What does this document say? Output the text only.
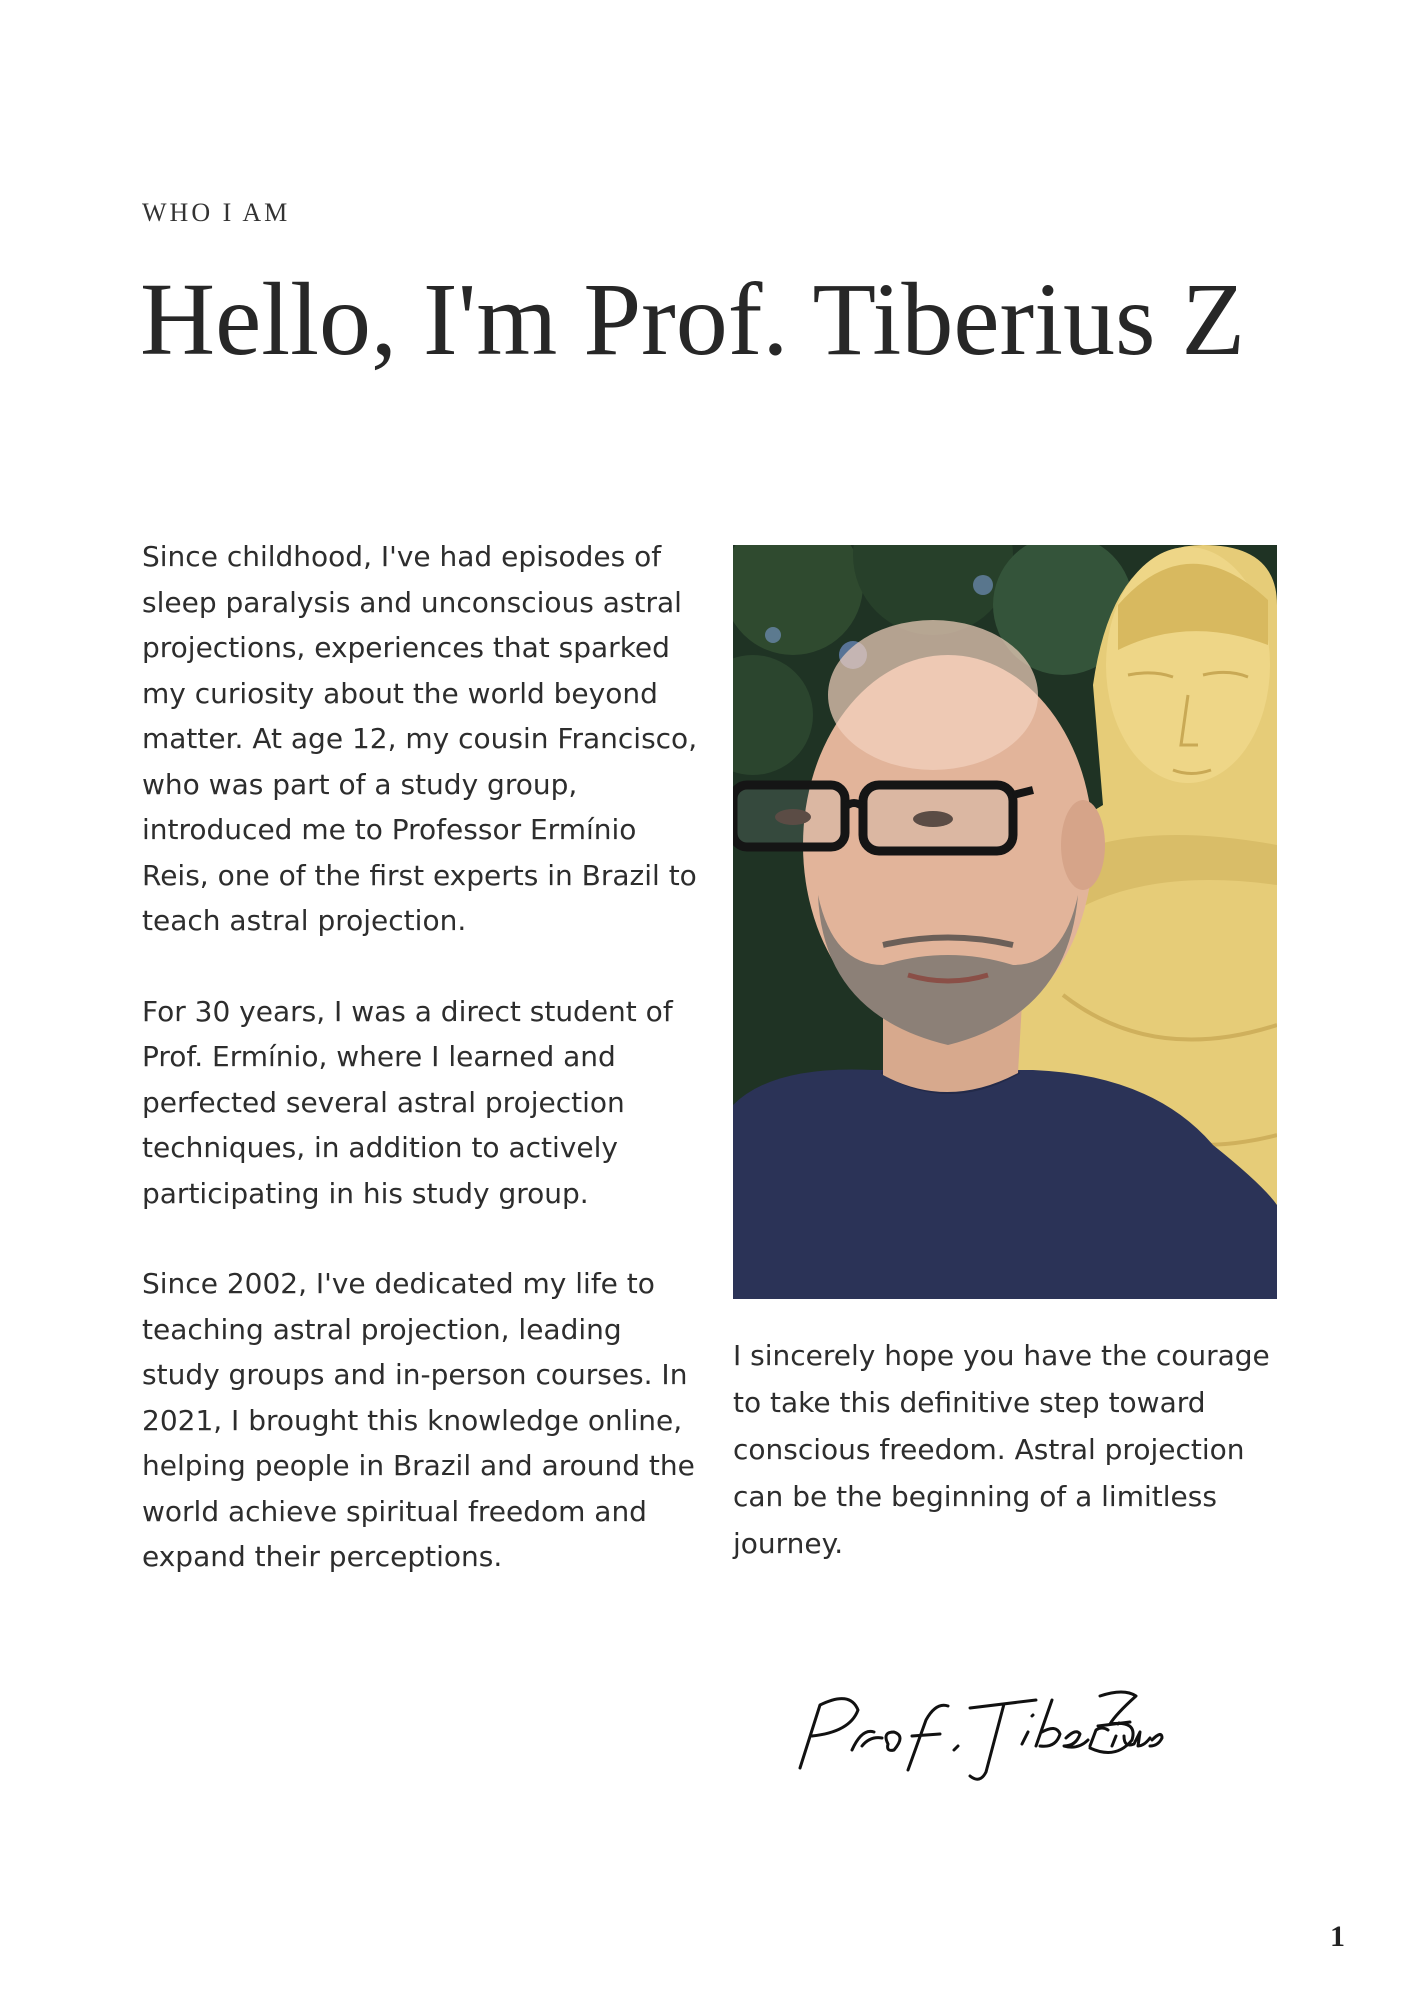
WHO I AM
Hello, I'm Prof. Tiberius Z

Since childhood, I've had episodes of sleep paralysis and unconscious astral projections, experiences that sparked my curiosity about the world beyond matter. At age 12, my cousin Francisco, who was part of a study group, introduced me to Professor Ermínio Reis, one of the first experts in Brazil to teach astral projection.

For 30 years, I was a direct student of Prof. Ermínio, where I learned and perfected several astral projection techniques, in addition to actively participating in his study group.

Since 2002, I've dedicated my life to teaching astral projection, leading study groups and in-person courses. In 2021, I brought this knowledge online, helping people in Brazil and around the world achieve spiritual freedom and expand their perceptions.

I sincerely hope you have the courage to take this definitive step toward conscious freedom. Astral projection can be the beginning of a limitless journey.

1
